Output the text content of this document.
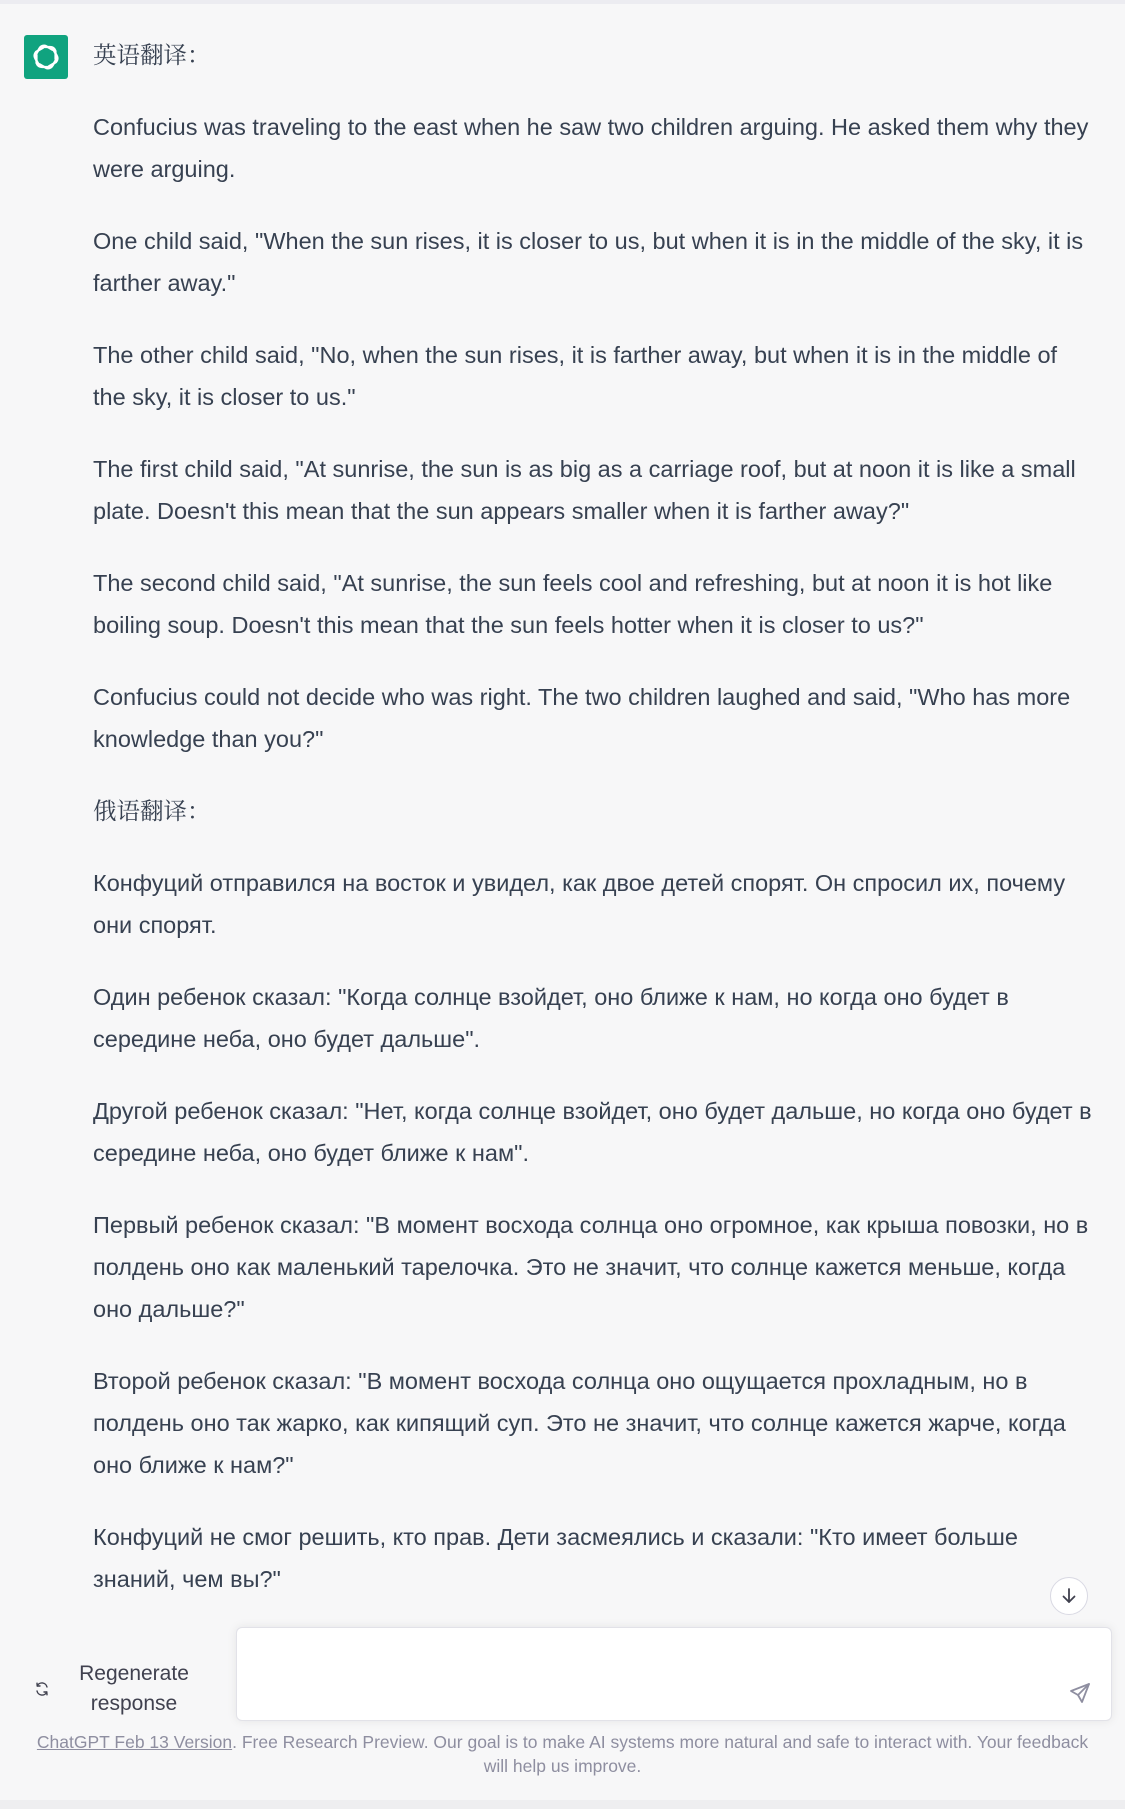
英语翻译：

Confucius was traveling to the east when he saw two children arguing. He asked them why they were arguing.

One child said, "When the sun rises, it is closer to us, but when it is in the middle of the sky, it is farther away."

The other child said, "No, when the sun rises, it is farther away, but when it is in the middle of the sky, it is closer to us."

The first child said, "At sunrise, the sun is as big as a carriage roof, but at noon it is like a small plate. Doesn't this mean that the sun appears smaller when it is farther away?"

The second child said, "At sunrise, the sun feels cool and refreshing, but at noon it is hot like boiling soup. Doesn't this mean that the sun feels hotter when it is closer to us?"

Confucius could not decide who was right. The two children laughed and said, "Who has more knowledge than you?"

俄语翻译：

Конфуций отправился на восток и увидел, как двое детей спорят. Он спросил их, почему они спорят.

Один ребенок сказал: "Когда солнце взойдет, оно ближе к нам, но когда оно будет в середине неба, оно будет дальше".

Другой ребенок сказал: "Нет, когда солнце взойдет, оно будет дальше, но когда оно будет в середине неба, оно будет ближе к нам".

Первый ребенок сказал: "В момент восхода солнца оно огромное, как крыша повозки, но в полдень оно как маленький тарелочка. Это не значит, что солнце кажется меньше, когда оно дальше?"

Второй ребенок сказал: "В момент восхода солнца оно ощущается прохладным, но в полдень оно так жарко, как кипящий суп. Это не значит, что солнце кажется жарче, когда оно ближе к нам?"

Конфуций не смог решить, кто прав. Дети засмеялись и сказали: "Кто имеет больше знаний, чем вы?"

Regenerate response
ChatGPT Feb 13 Version. Free Research Preview. Our goal is to make AI systems more natural and safe to interact with. Your feedback will help us improve.
